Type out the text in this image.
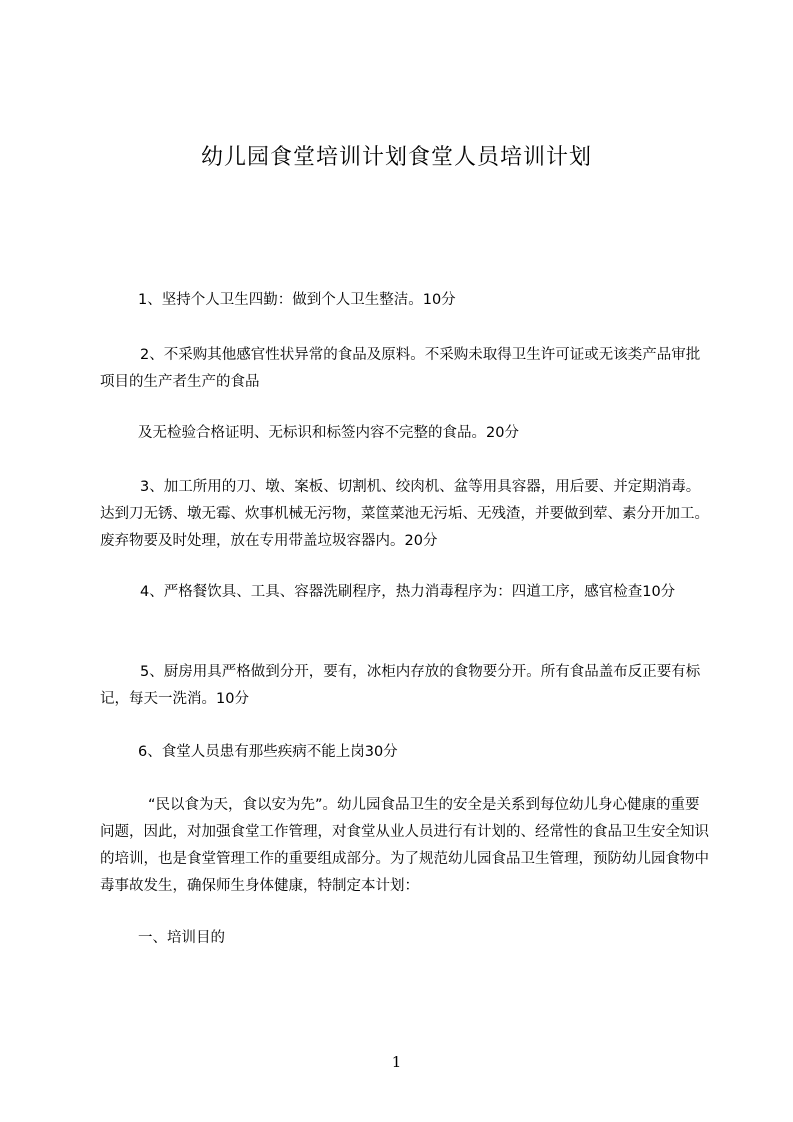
幼儿园食堂培训计划食堂人员培训计划

1、坚持个人卫生四勤：做到个人卫生整洁。10分

2、不采购其他感官性状异常的食品及原料。不采购未取得卫生许可证或无该类产品审批项目的生产者生产的食品

及无检验合格证明、无标识和标签内容不完整的食品。20分

3、加工所用的刀、墩、案板、切割机、绞肉机、盆等用具容器，用后要、并定期消毒。达到刀无锈、墩无霉、炊事机械无污物，菜筐菜池无污垢、无残渣，并要做到荤、素分开加工。废弃物要及时处理，放在专用带盖垃圾容器内。20分

4、严格餐饮具、工具、容器洗刷程序，热力消毒程序为：四道工序，感官检查10分

5、厨房用具严格做到分开，要有，冰柜内存放的食物要分开。所有食品盖布反正要有标记，每天一洗消。10分

6、食堂人员患有那些疾病不能上岗30分

“民以食为天，食以安为先”。幼儿园食品卫生的安全是关系到每位幼儿身心健康的重要问题，因此，对加强食堂工作管理，对食堂从业人员进行有计划的、经常性的食品卫生安全知识的培训，也是食堂管理工作的重要组成部分。为了规范幼儿园食品卫生管理，预防幼儿园食物中毒事故发生，确保师生身体健康，特制定本计划：

一、培训目的

1
